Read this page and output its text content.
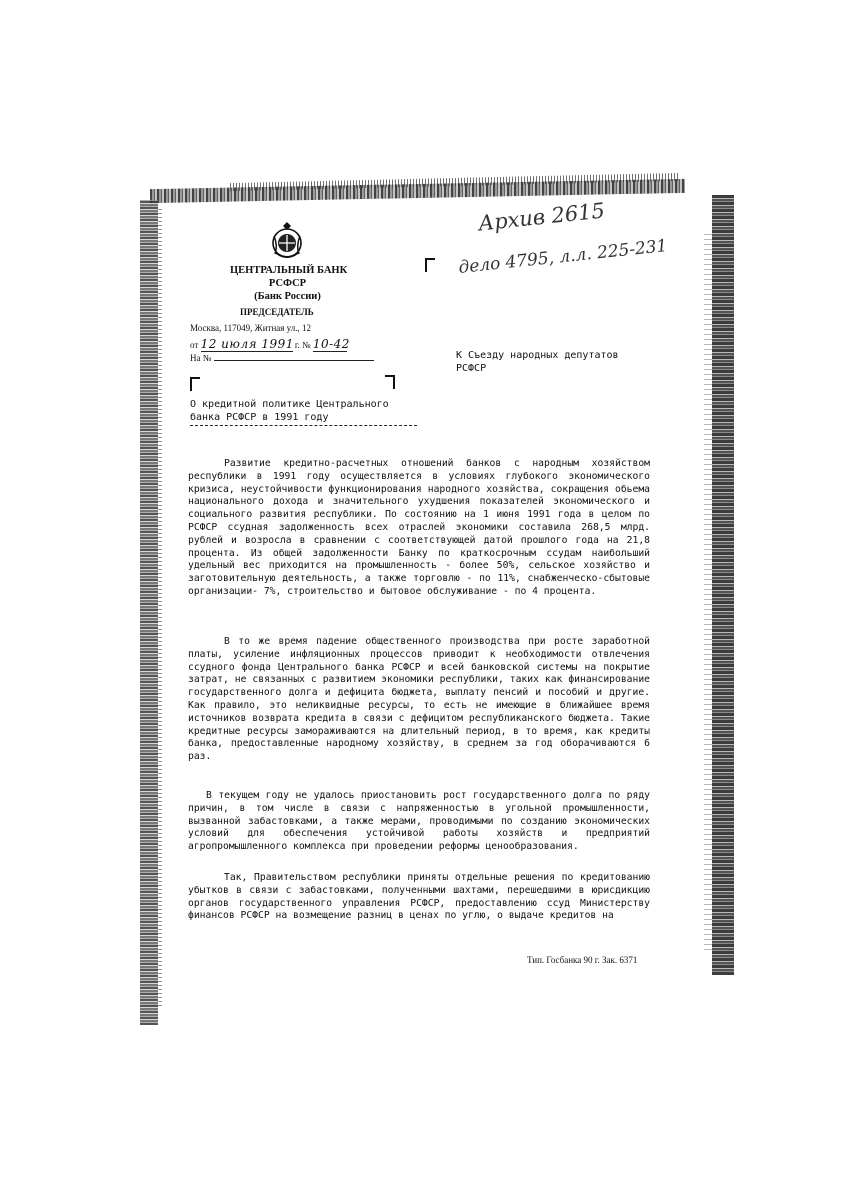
ЦЕНТРАЛЬНЫЙ БАНК
РСФСР
(Банк России)
ПРЕДСЕДАТЕЛЬ
Москва, 117049, Житная ул., 12
от 12 июля 1991 г. № 10-42
На №
Архив 2615
дело 4795, л.л. 225-231
К Съезду народных депутатов
РСФСР
О кредитной политике Центрального
банка РСФСР в 1991 году

Развитие кредитно-расчетных отношений банков с народным хозяйством республики в 1991 году осуществляется в условиях глубокого экономического кризиса, неустойчивости функционирования народного хозяйства, сокращения обьема национального дохода и значительного ухудшения показателей экономического и социального развития республики. По состоянию на 1 июня 1991 года в целом по РСФСР ссудная задолженность всех отраслей экономики составила 268,5 млрд. рублей и возросла в сравнении с соответствующей датой прошлого года на 21,8 процента. Из общей задолженности Банку по краткосрочным ссудам наибольший удельный вес приходится на промышленность - более 50%, сельское хозяйство и заготовительную деятельность, а также торговлю - по 11%, снабженческо-сбытовые организации- 7%, строительство и бытовое обслуживание - по 4 процента.

В то же время падение общественного производства при росте заработной платы, усиление инфляционных процессов приводит к необходимости отвлечения ссудного фонда Центрального банка РСФСР и всей банковской системы на покрытие затрат, не связанных с развитием экономики республики, таких как финансирование государственного долга и дефицита бюджета, выплату пенсий и пособий и другие. Как правило, это неликвидные ресурсы, то есть не имеющие в ближайшее время источников возврата кредита в связи с дефицитом республиканского бюджета. Такие кредитные ресурсы замораживаются на длительный период, в то время, как кредиты банка, предоставленные народному хозяйству, в среднем за год оборачиваются 6 раз.

В текущем году не удалось приостановить рост государственного долга по ряду причин, в том числе в связи с напряженностью в угольной промышленности, вызванной забастовками, а также мерами, проводимыми по созданию экономических условий для обеспечения устойчивой работы хозяйств и предприятий агропромышленного комплекса при проведении реформы ценообразования.

Так, Правительством республики приняты отдельные решения по кредитованию убытков в связи с забастовками, полученными шахтами, перешедшими в юрисдикцию органов государственного управления РСФСР, предоставлению ссуд Министерству финансов РСФСР на возмещение разниц в ценах по углю, о выдаче кредитов на

Тип. Госбанка 90 г. Зак. 6371
